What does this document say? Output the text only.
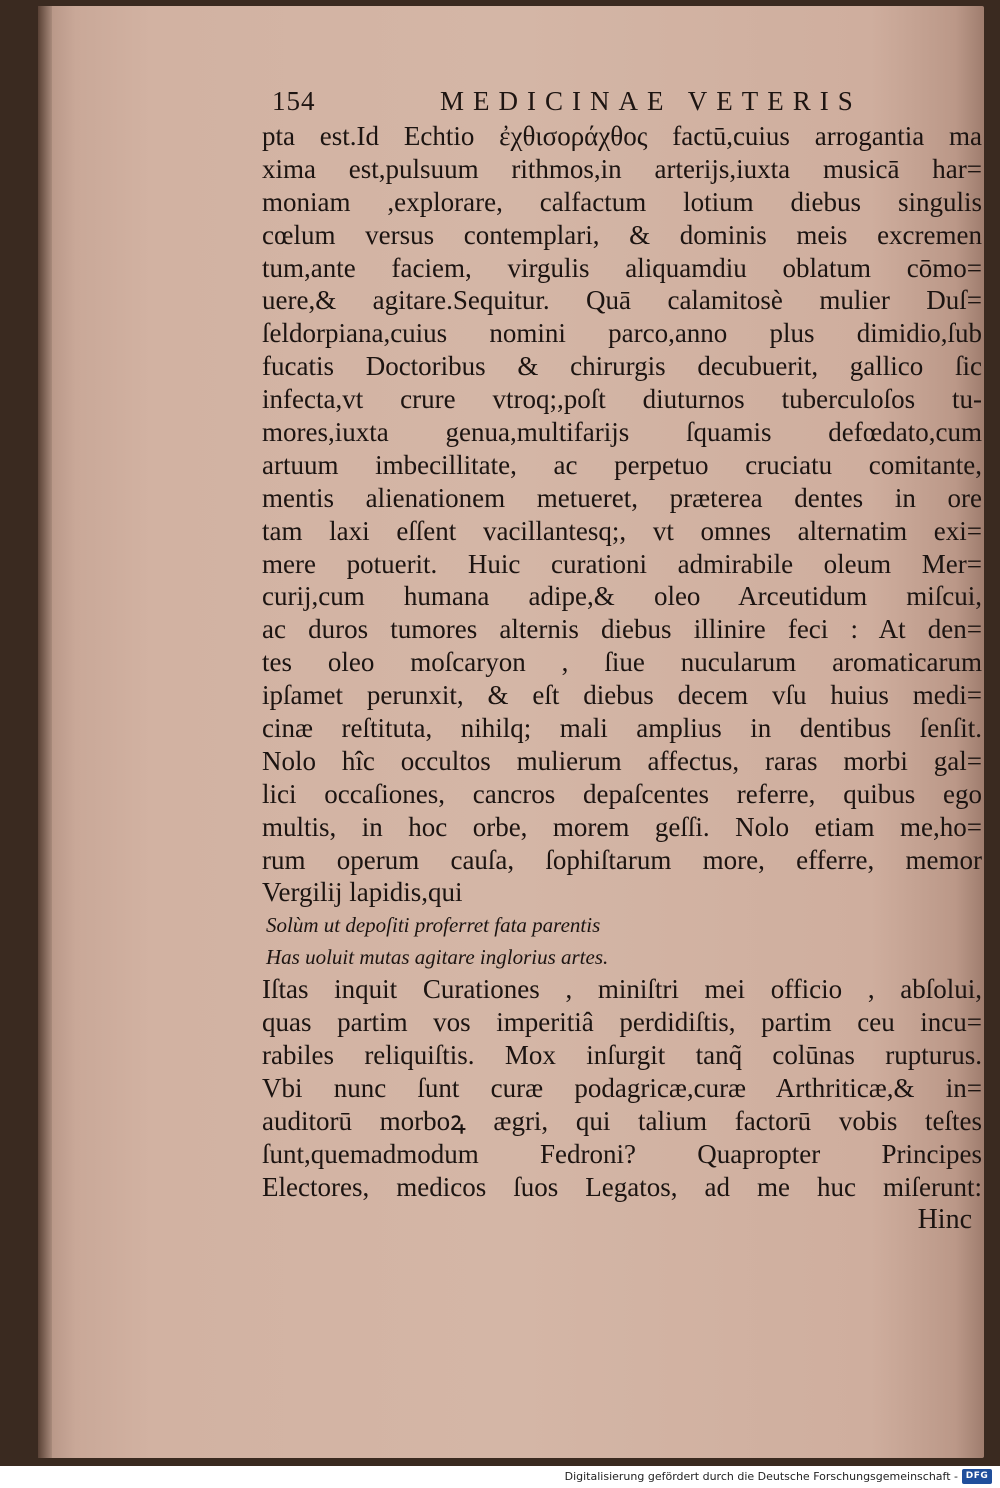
154	MEDICINAE VETERIS
pta est.Id Echtio ἐχθισοράχθος factū,cuius arrogantia ma
xima est,pulsuum rithmos,in arterijs,iuxta musicā har=
moniam ,explorare, calfactum lotium diebus singulis
cœlum versus contemplari, & dominis meis excremen
tum,ante faciem, virgulis aliquamdiu oblatum cōmo=
uere,& agitare.Sequitur. Quā calamitosè mulier Duſ=
ſeldorpiana,cuius nomini parco,anno plus dimidio,ſub
fucatis Doctoribus & chirurgis decubuerit, gallico ſic
infecta,vt crure vtroq;,poſt diuturnos tuberculoſos tu-
mores,iuxta genua,multifarijs ſquamis defœdato,cum
artuum imbecillitate, ac perpetuo cruciatu comitante,
mentis alienationem metueret, præterea dentes in ore
tam laxi eſſent vacillantesq;, vt omnes alternatim exi=
mere potuerit. Huic curationi admirabile oleum Mer=
curij,cum humana adipe,& oleo Arceutidum miſcui,
ac duros tumores alternis diebus illinire feci : At den=
tes oleo moſcaryon , ſiue nucularum aromaticarum
ipſamet perunxit, & eſt diebus decem vſu huius medi=
cinæ reſtituta, nihilq; mali amplius in dentibus ſenſit.
Nolo hîc occultos mulierum affectus, raras morbi gal=
lici occaſiones, cancros depaſcentes referre, quibus ego
multis, in hoc orbe, morem geſſi. Nolo etiam me,ho=
rum operum cauſa, ſophiſtarum more, efferre, memor
Vergilij lapidis,qui
Solùm ut depoſiti proferret fata parentis
Has uoluit mutas agitare inglorius artes.
Iſtas inquit Curationes , miniſtri mei officio , abſolui,
quas partim vos imperitiâ perdidiſtis, partim ceu incu=
rabiles reliquiſtis. Mox inſurgit tanq̃ colūnas rupturus.
Vbi nunc ſunt curæ podagricæ,curæ Arthriticæ,& in=
auditorū morboꝝ ægri, qui talium factorū vobis teſtes
ſunt,quemadmodum Fedroni? Quapropter Principes
Electores, medicos ſuos Legatos, ad me huc miſerunt:
Hinc
Digitalisierung gefördert durch die Deutsche Forschungsgemeinschaft - DFG
